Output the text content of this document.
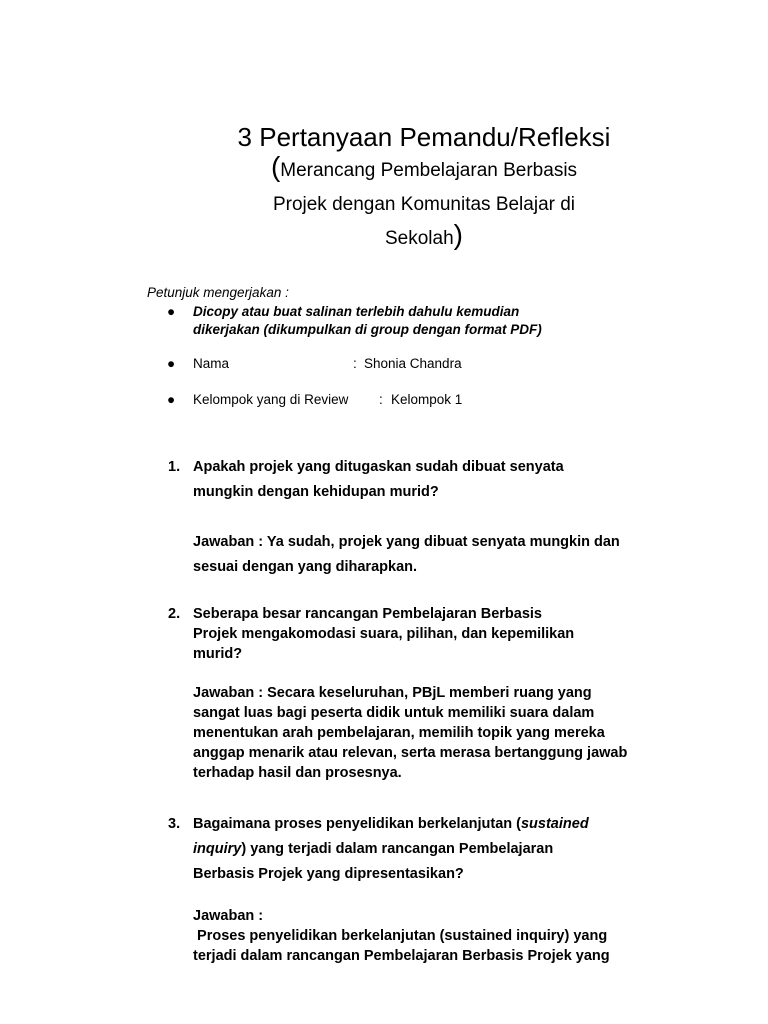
3 Pertanyaan Pemandu/Refleksi
(Merancang Pembelajaran Berbasis
Projek dengan Komunitas Belajar di
Sekolah)
Petunjuk mengerjakan :
●	Dicopy atau buat salinan terlebih dahulu kemudian
dikerjakan (dikumpulkan di group dengan format PDF)
●	Nama	: Shonia Chandra
●	Kelompok yang di Review : Kelompok 1
1. Apakah projek yang ditugaskan sudah dibuat senyata
mungkin dengan kehidupan murid?
Jawaban : Ya sudah, projek yang dibuat senyata mungkin dan
sesuai dengan yang diharapkan.
2. Seberapa besar rancangan Pembelajaran Berbasis
Projek mengakomodasi suara, pilihan, dan kepemilikan
murid?
Jawaban : Secara keseluruhan, PBjL memberi ruang yang
sangat luas bagi peserta didik untuk memiliki suara dalam
menentukan arah pembelajaran, memilih topik yang mereka
anggap menarik atau relevan, serta merasa bertanggung jawab
terhadap hasil dan prosesnya.
3. Bagaimana proses penyelidikan berkelanjutan (sustained
inquiry) yang terjadi dalam rancangan Pembelajaran
Berbasis Projek yang dipresentasikan?
Jawaban :
Proses penyelidikan berkelanjutan (sustained inquiry) yang
terjadi dalam rancangan Pembelajaran Berbasis Projek yang
